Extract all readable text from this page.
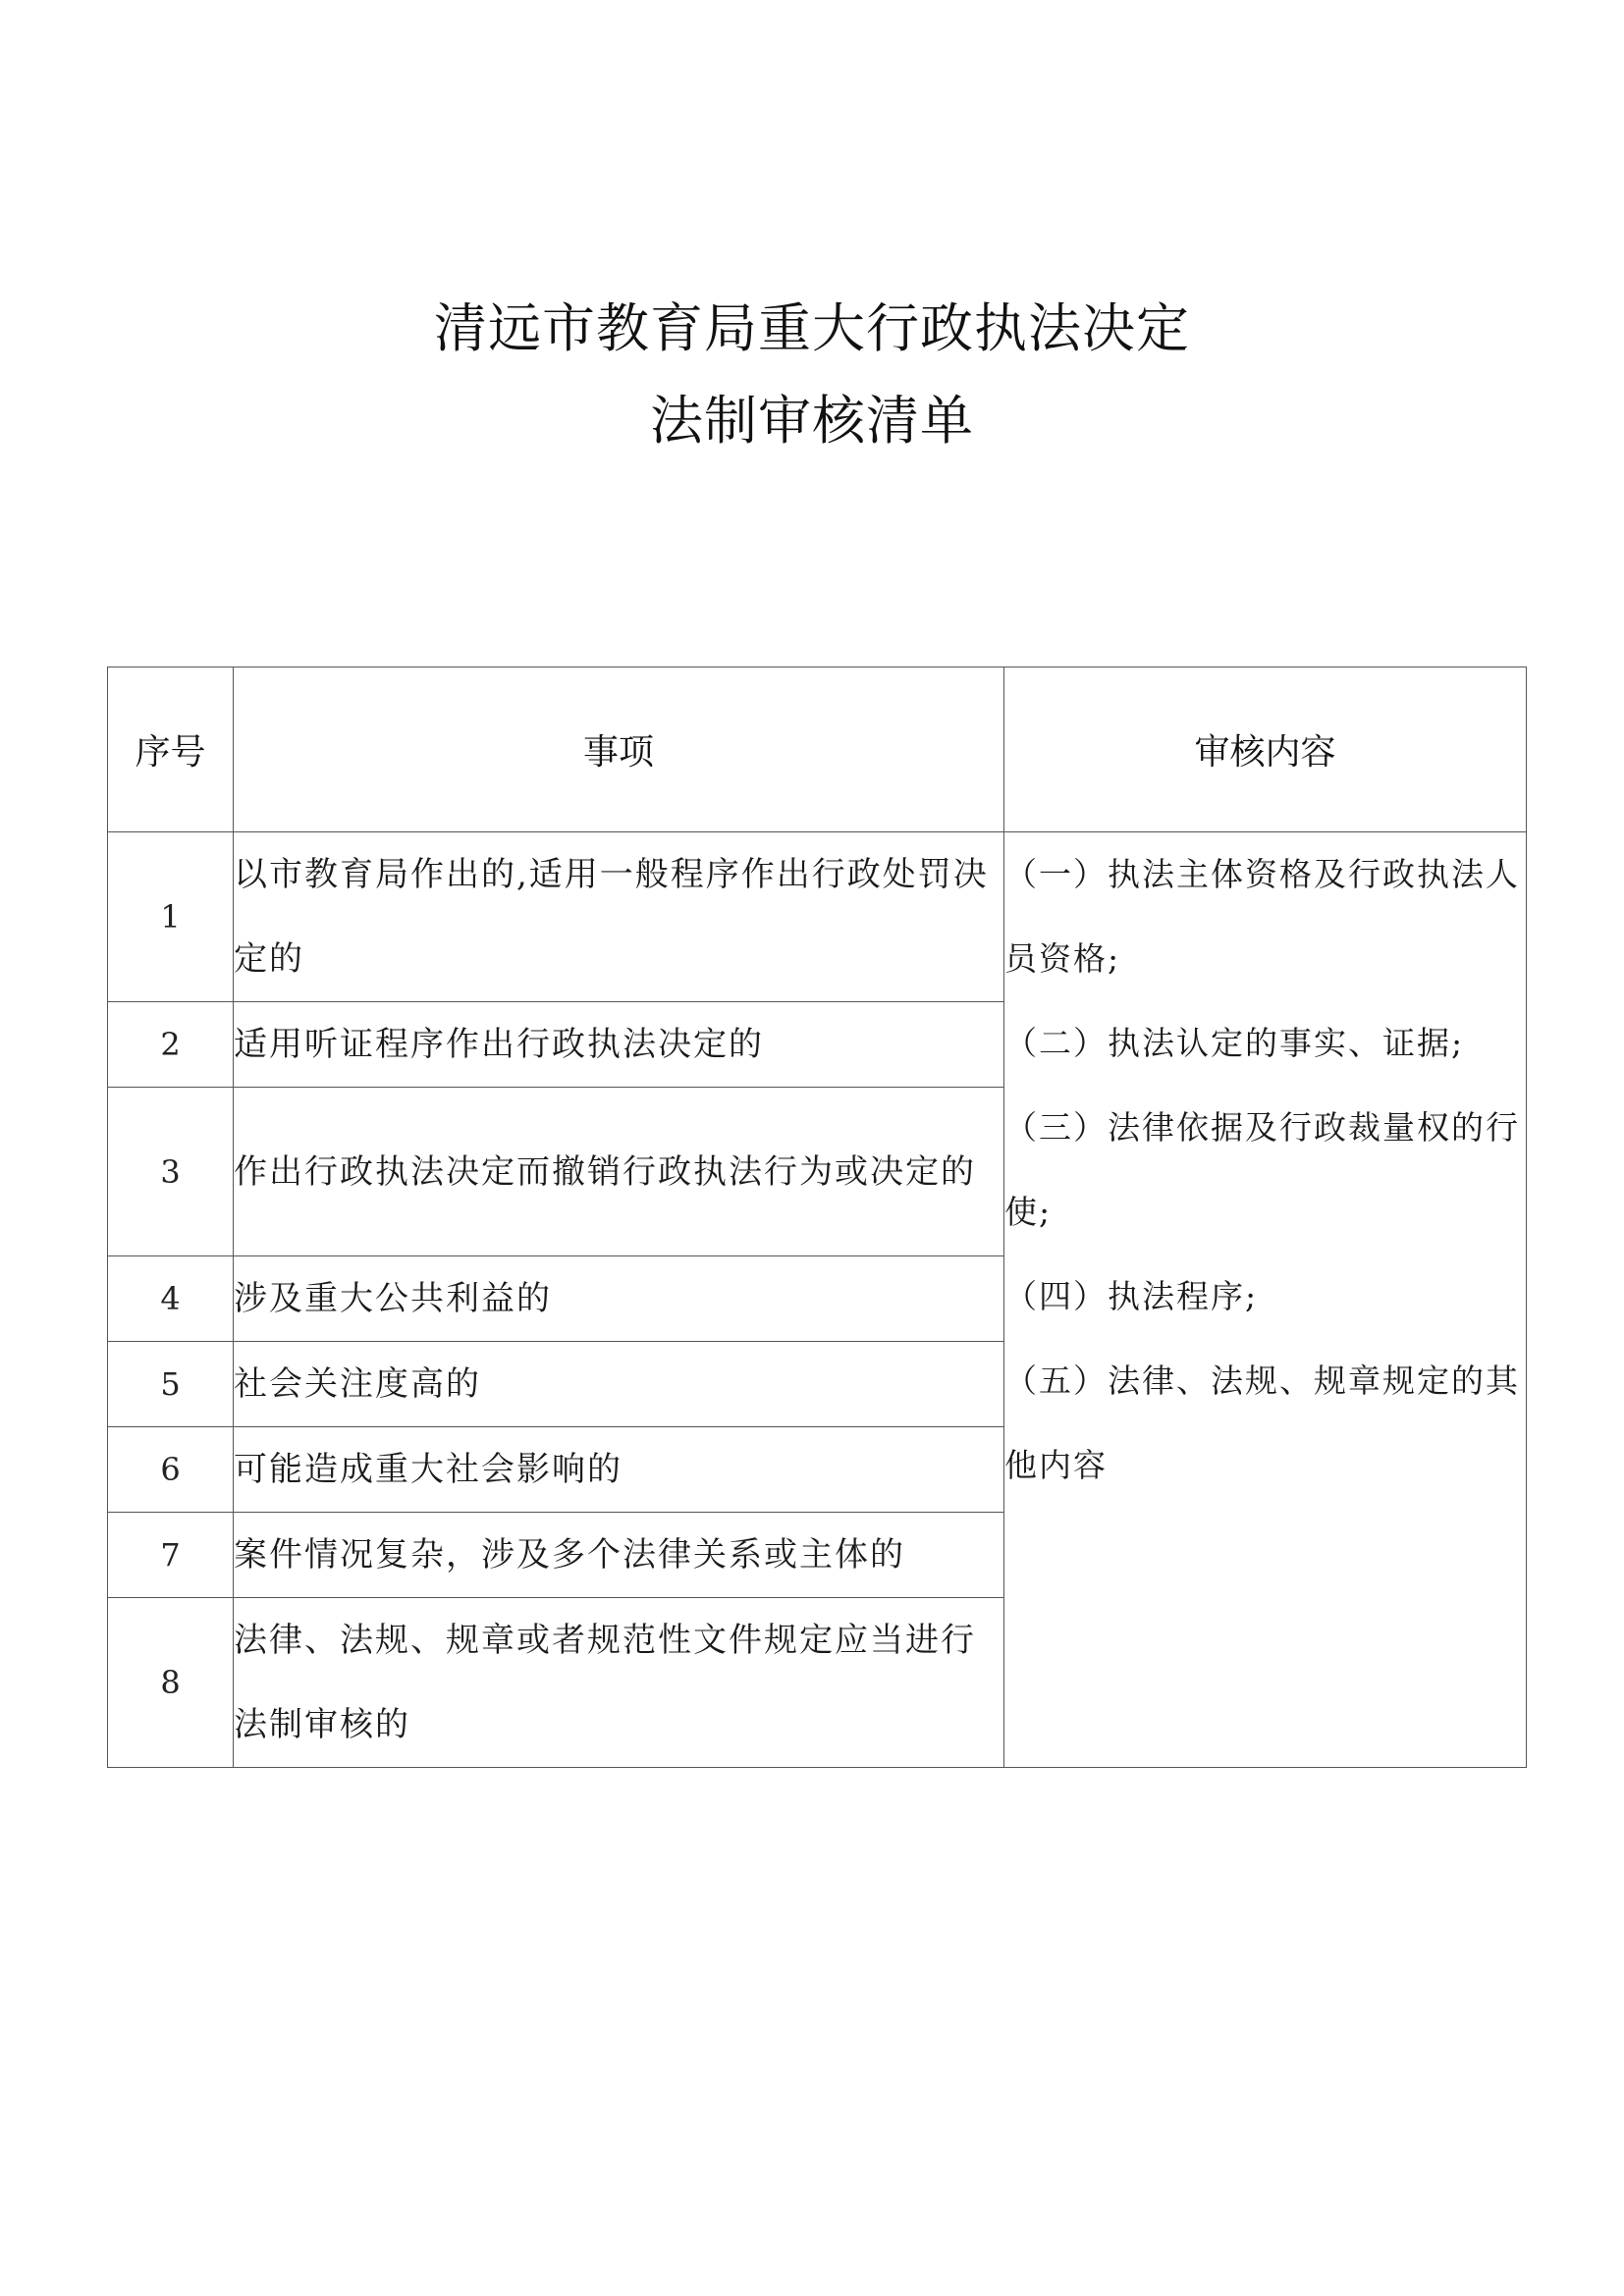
清远市教育局重大行政执法决定
法制审核清单
序号	事项	审核内容
1	以市教育局作出的,适用一般程序作出行政处罚决定的	（一）执法主体资格及行政执法人员资格;
（二）执法认定的事实、证据;
（三）法律依据及行政裁量权的行使;
（四）执法程序;
（五）法律、法规、规章规定的其他内容

2	适用听证程序作出行政执法决定的	
3	作出行政执法决定而撤销行政执法行为或决定的	
4	涉及重大公共利益的	
5	社会关注度高的	
6	可能造成重大社会影响的	
7	案件情况复杂，涉及多个法律关系或主体的	
8	法律、法规、规章或者规范性文件规定应当进行法制审核的	
